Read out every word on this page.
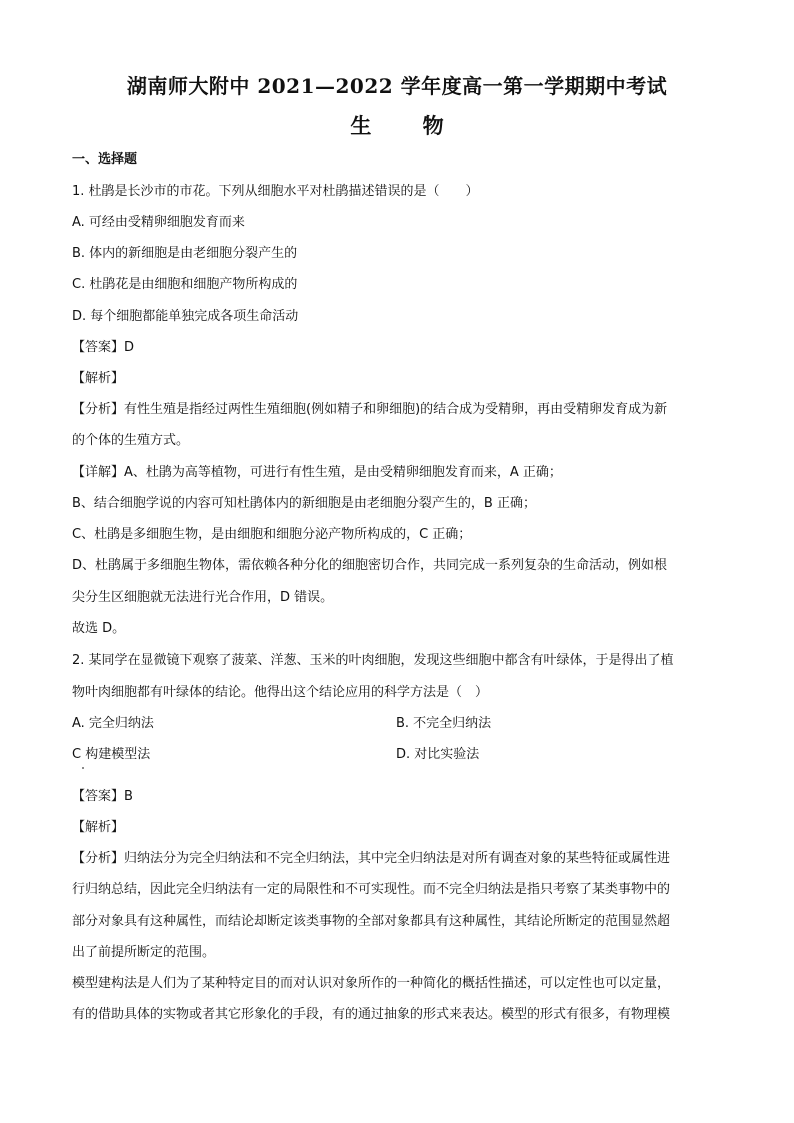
湖南师大附中 2021—2022 学年度高一第一学期期中考试
生 物
一、选择题
1. 杜鹃是长沙市的市花。下列从细胞水平对杜鹃描述错误的是（　　）
A. 可经由受精卵细胞发育而来
B. 体内的新细胞是由老细胞分裂产生的
C. 杜鹃花是由细胞和细胞产物所构成的
D. 每个细胞都能单独完成各项生命活动
【答案】D
【解析】
【分析】有性生殖是指经过两性生殖细胞(例如精子和卵细胞)的结合成为受精卵，再由受精卵发育成为新
的个体的生殖方式。
【详解】A、杜鹃为高等植物，可进行有性生殖，是由受精卵细胞发育而来，A 正确；
B、结合细胞学说的内容可知杜鹃体内的新细胞是由老细胞分裂产生的，B 正确；
C、杜鹃是多细胞生物，是由细胞和细胞分泌产物所构成的，C 正确；
D、杜鹃属于多细胞生物体，需依赖各种分化的细胞密切合作，共同完成一系列复杂的生命活动，例如根
尖分生区细胞就无法进行光合作用，D 错误。
故选 D。
2. 某同学在显微镜下观察了菠菜、洋葱、玉米的叶肉细胞，发现这些细胞中都含有叶绿体，于是得出了植
物叶肉细胞都有叶绿体的结论。他得出这个结论应用的科学方法是（　）
A. 完全归纳法	B. 不完全归纳法
C 构建模型法	D. 对比实验法
【答案】B
【解析】
【分析】归纳法分为完全归纳法和不完全归纳法，其中完全归纳法是对所有调查对象的某些特征或属性进
行归纳总结，因此完全归纳法有一定的局限性和不可实现性。而不完全归纳法是指只考察了某类事物中的
部分对象具有这种属性，而结论却断定该类事物的全部对象都具有这种属性，其结论所断定的范围显然超
出了前提所断定的范围。
模型建构法是人们为了某种特定目的而对认识对象所作的一种简化的概括性描述，可以定性也可以定量，
有的借助具体的实物或者其它形象化的手段，有的通过抽象的形式来表达。模型的形式有很多，有物理模
